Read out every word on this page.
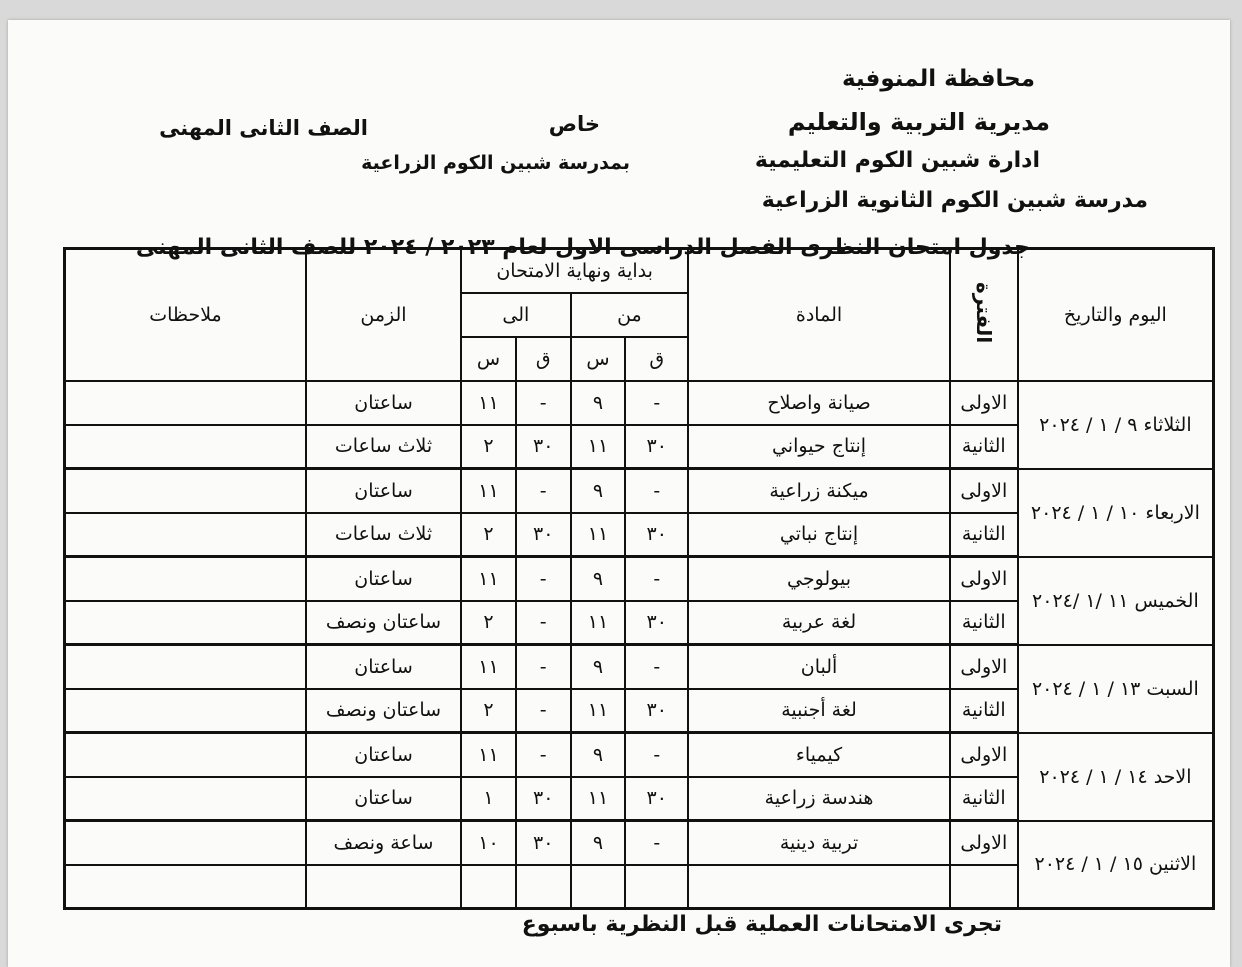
محافظة المنوفية
مديرية التربية والتعليم
ادارة شبين الكوم التعليمية
مدرسة شبين الكوم الثانوية الزراعية
خاص
بمدرسة شبين الكوم الزراعية
الصف الثانى المهنى
جدول امتحان النظرى الفصل الدراسى الاول لعام ٢٠٢٣ / ٢٠٢٤ للصف الثانى المهنى
اليوم والتاريخ	الفترة	المادة	بداية ونهاية الامتحان				الزمن	ملاحظات
			من		الى			
			ق	س	ق	س		
الثلاثاء ٩ / ١ / ٢٠٢٤	الاولى	صيانة واصلاح	-	٩	-	١١	ساعتان	
	الثانية	إنتاج حيواني	٣٠	١١	٣٠	٢	ثلاث ساعات	
الاربعاء ١٠ / ١ / ٢٠٢٤	الاولى	ميكنة زراعية	-	٩	-	١١	ساعتان	
	الثانية	إنتاج نباتي	٣٠	١١	٣٠	٢	ثلاث ساعات	
الخميس ١١ /١ /٢٠٢٤	الاولى	بيولوجي	-	٩	-	١١	ساعتان	
	الثانية	لغة عربية	٣٠	١١	-	٢	ساعتان ونصف	
السبت ١٣ / ١ / ٢٠٢٤	الاولى	ألبان	-	٩	-	١١	ساعتان	
	الثانية	لغة أجنبية	٣٠	١١	-	٢	ساعتان ونصف	
الاحد ١٤ / ١ / ٢٠٢٤	الاولى	كيمياء	-	٩	-	١١	ساعتان	
	الثانية	هندسة زراعية	٣٠	١١	٣٠	١	ساعتان	
الاثنين ١٥ / ١ / ٢٠٢٤	الاولى	تربية دينية	-	٩	٣٠	١٠	ساعة ونصف	

تجرى الامتحانات العملية قبل النظرية باسبوع
